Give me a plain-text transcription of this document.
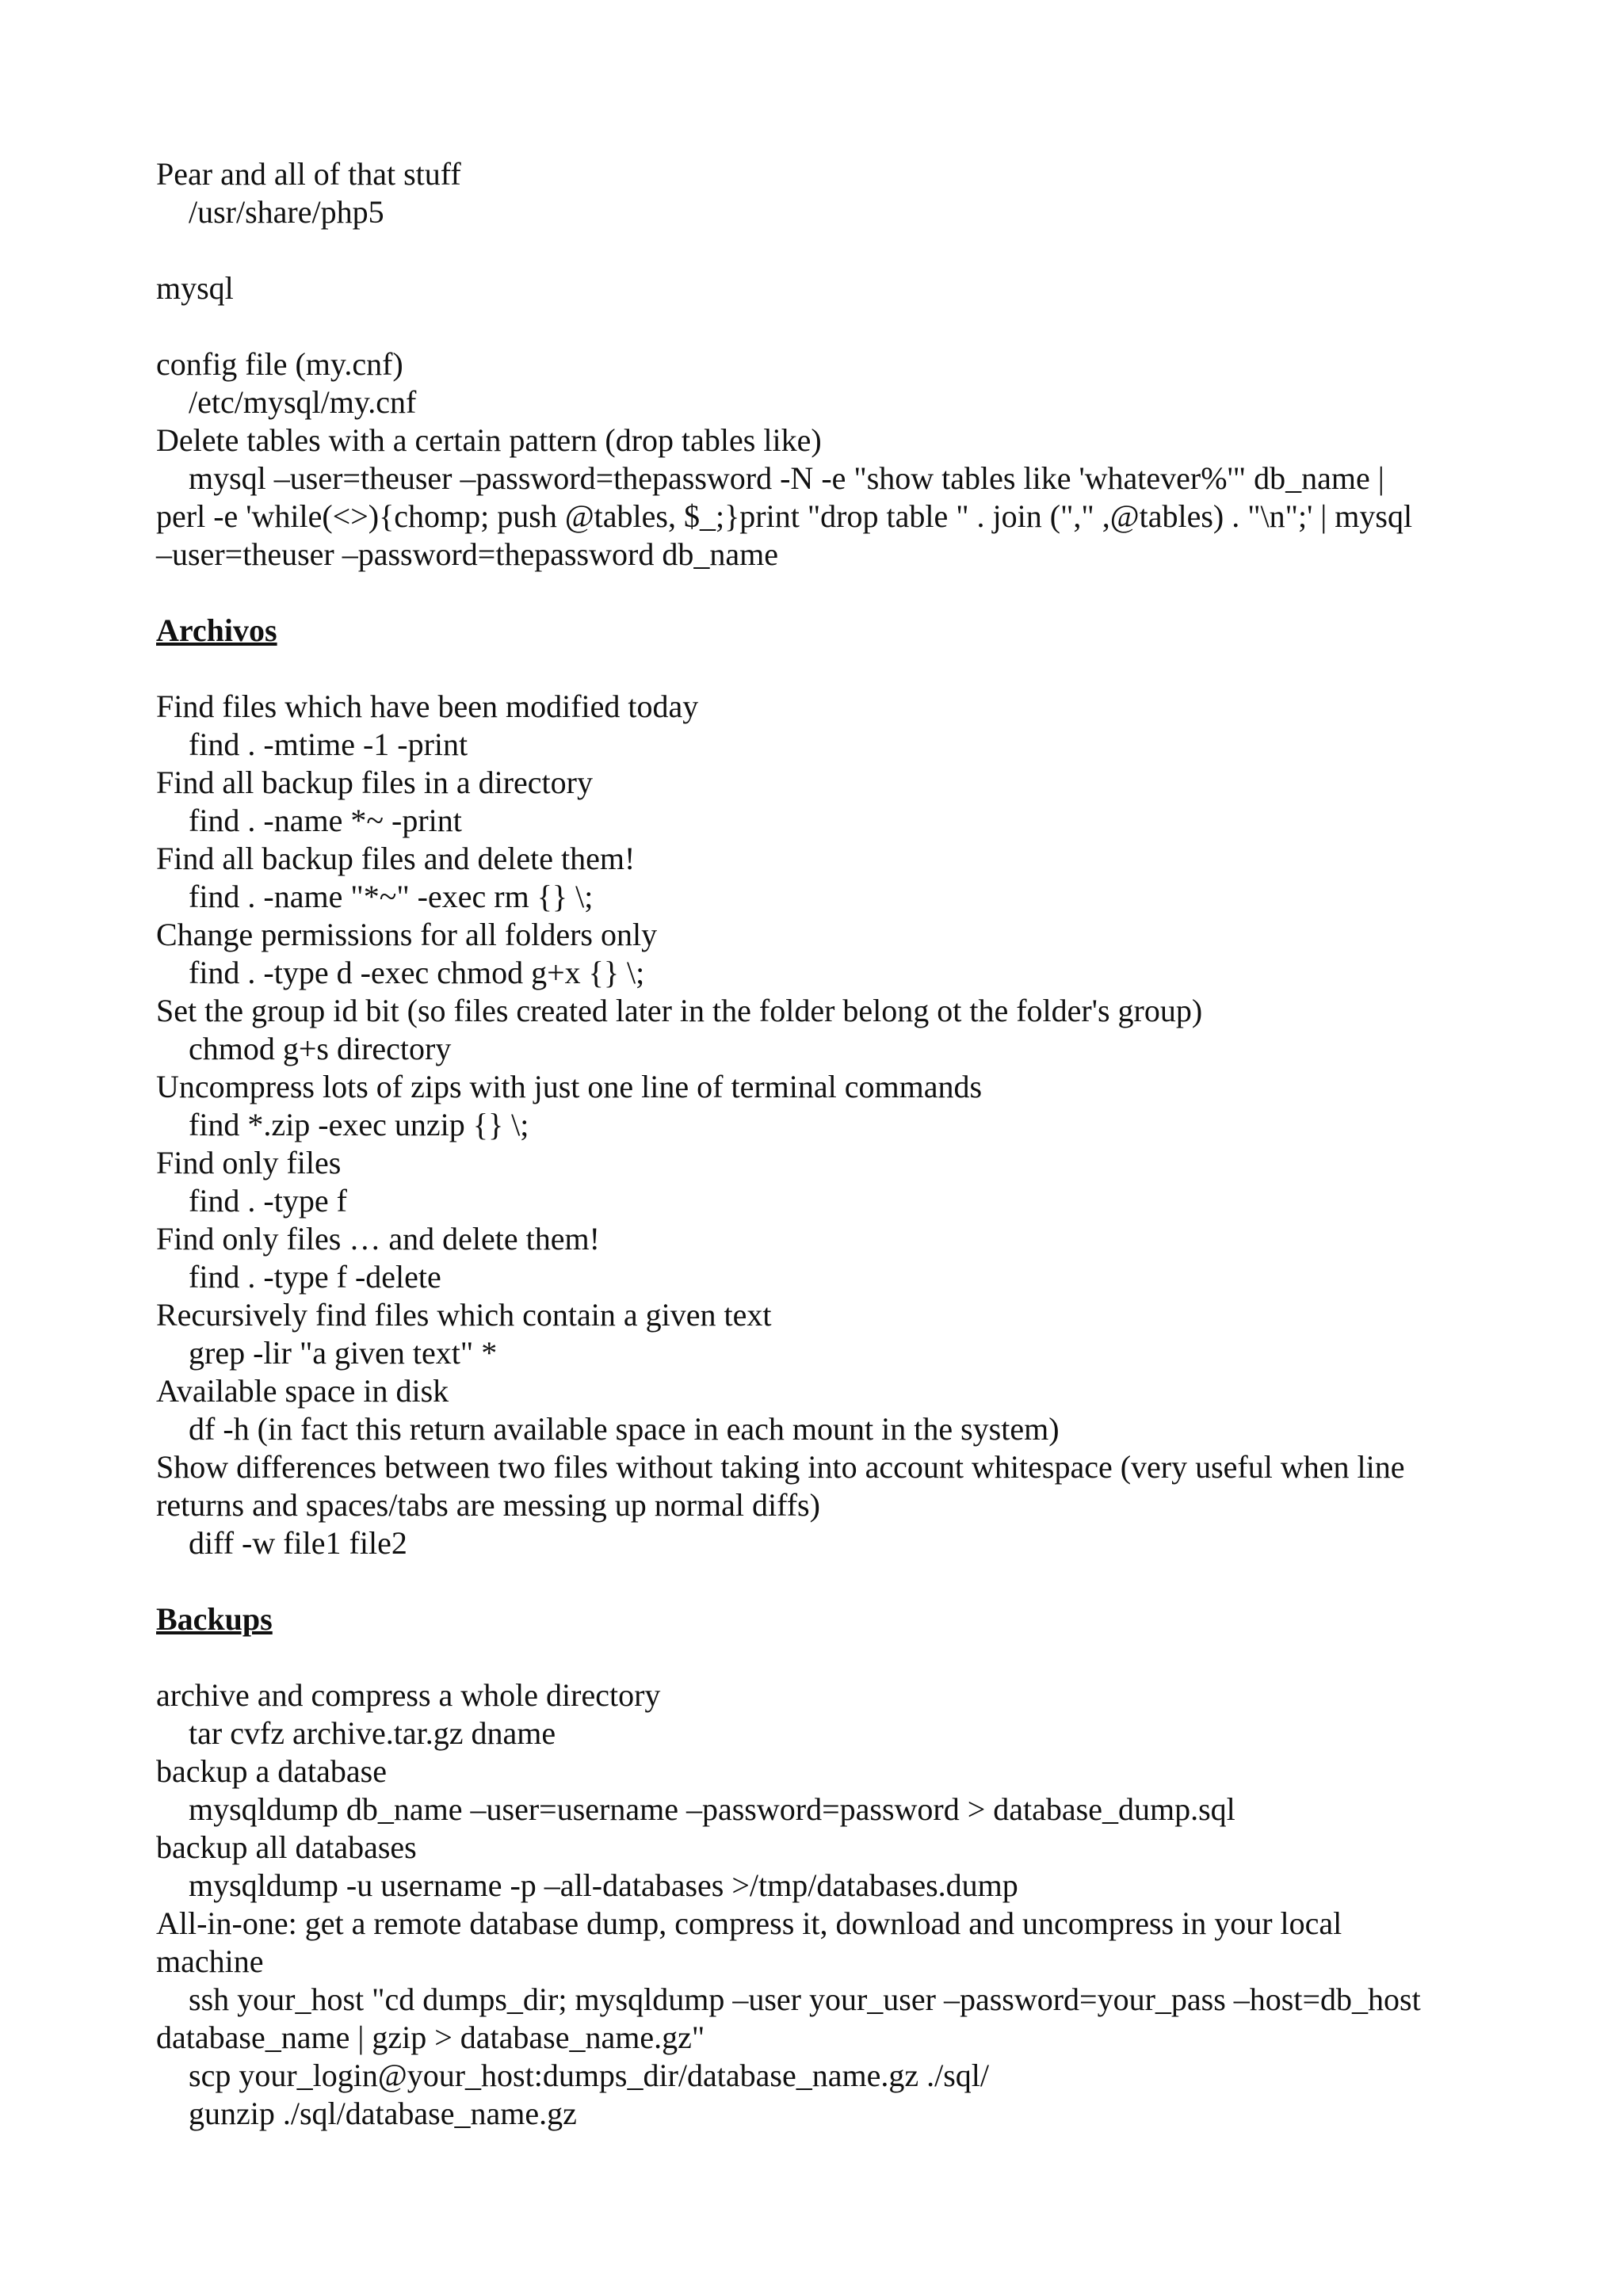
Pear and all of that stuff
/usr/share/php5
mysql
config file (my.cnf)
/etc/mysql/my.cnf
Delete tables with a certain pattern (drop tables like)
mysql –user=theuser –password=thepassword -N -e "show tables like 'whatever%'" db_name |
perl -e 'while(<>){chomp; push @tables, $_;}print "drop table " . join ("," ,@tables) . "\n";' | mysql
–user=theuser –password=thepassword db_name
Archivos
Find files which have been modified today
find . -mtime -1 -print
Find all backup files in a directory
find . -name *~ -print
Find all backup files and delete them!
find . -name "*~" -exec rm {} \;
Change permissions for all folders only
find . -type d -exec chmod g+x {} \;
Set the group id bit (so files created later in the folder belong ot the folder's group)
chmod g+s directory
Uncompress lots of zips with just one line of terminal commands
find *.zip -exec unzip {} \;
Find only files
find . -type f
Find only files … and delete them!
find . -type f -delete
Recursively find files which contain a given text
grep -lir "a given text" *
Available space in disk
df -h (in fact this return available space in each mount in the system)
Show differences between two files without taking into account whitespace (very useful when line
returns and spaces/tabs are messing up normal diffs)
diff -w file1 file2
Backups
archive and compress a whole directory
tar cvfz archive.tar.gz dname
backup a database
mysqldump db_name –user=username –password=password > database_dump.sql
backup all databases
mysqldump -u username -p –all-databases >/tmp/databases.dump
All-in-one: get a remote database dump, compress it, download and uncompress in your local
machine
ssh your_host "cd dumps_dir; mysqldump –user your_user –password=your_pass –host=db_host
database_name | gzip > database_name.gz"
scp your_login@your_host:dumps_dir/database_name.gz ./sql/
gunzip ./sql/database_name.gz
